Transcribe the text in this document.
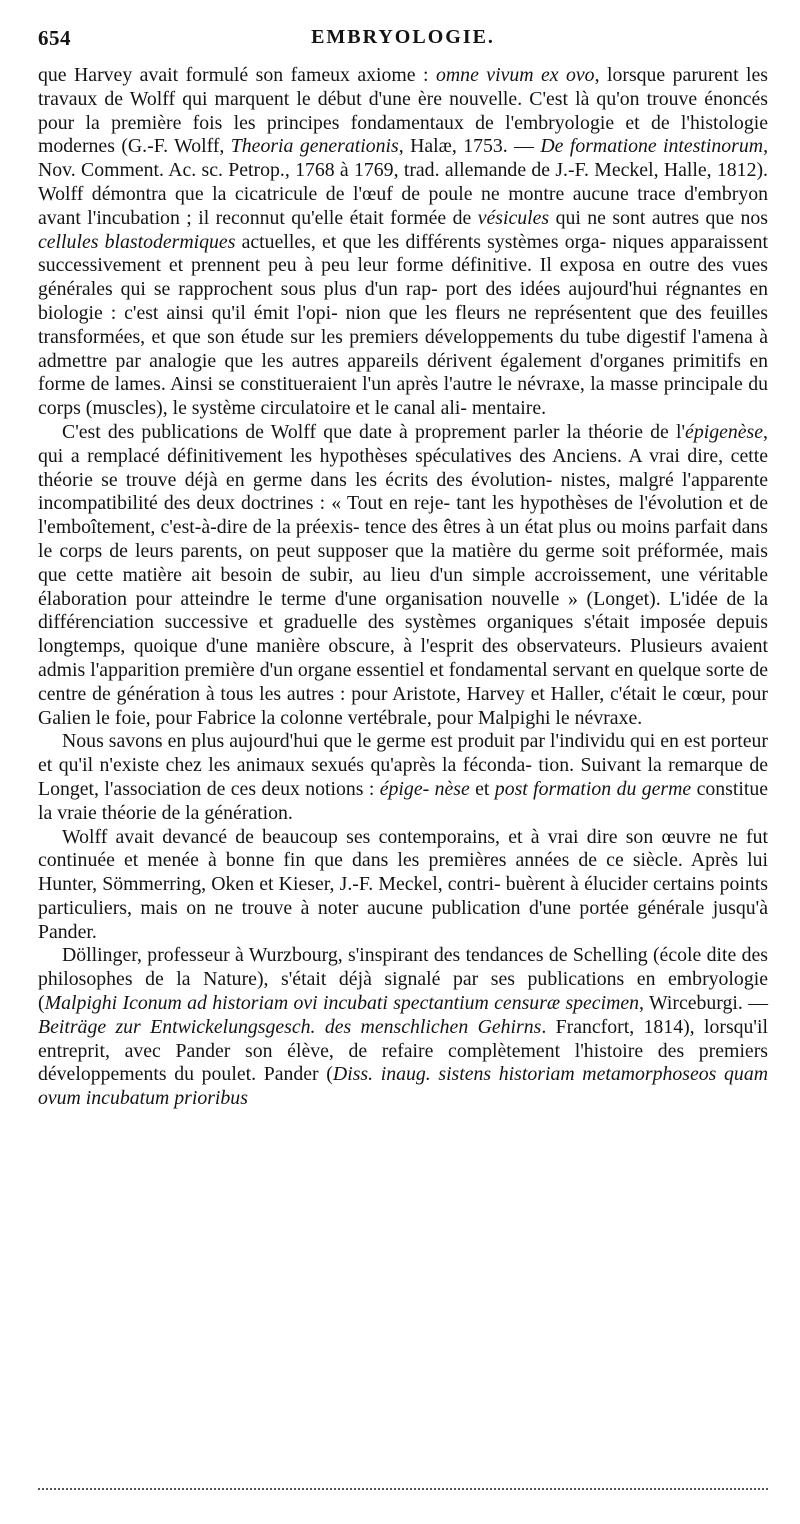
654	EMBRYOLOGIE.

que Harvey avait formulé son fameux axiome : omne vivum ex ovo, lorsque parurent les travaux de Wolff qui marquent le début d'une ère nouvelle. C'est là qu'on trouve énoncés pour la première fois les principes fondamentaux de l'embryologie et de l'histologie modernes (G.-F. Wolff, Theoria generationis, Halæ, 1753. — De formatione intestinorum, Nov. Comment. Ac. sc. Petrop., 1768 à 1769, trad. allemande de J.-F. Meckel, Halle, 1812). Wolff démontra que la cicatricule de l'œuf de poule ne montre aucune trace d'embryon avant l'incubation ; il reconnut qu'elle était formée de vésicules qui ne sont autres que nos cellules blastodermiques actuelles, et que les différents systèmes orga- niques apparaissent successivement et prennent peu à peu leur forme définitive. Il exposa en outre des vues générales qui se rapprochent sous plus d'un rap- port des idées aujourd'hui régnantes en biologie : c'est ainsi qu'il émit l'opi- nion que les fleurs ne représentent que des feuilles transformées, et que son étude sur les premiers développements du tube digestif l'amena à admettre par analogie que les autres appareils dérivent également d'organes primitifs en forme de lames. Ainsi se constitueraient l'un après l'autre le névraxe, la masse principale du corps (muscles), le système circulatoire et le canal ali- mentaire.

C'est des publications de Wolff que date à proprement parler la théorie de l'épigenèse, qui a remplacé définitivement les hypothèses spéculatives des Anciens. A vrai dire, cette théorie se trouve déjà en germe dans les écrits des évolution- nistes, malgré l'apparente incompatibilité des deux doctrines : « Tout en reje- tant les hypothèses de l'évolution et de l'emboîtement, c'est-à-dire de la préexis- tence des êtres à un état plus ou moins parfait dans le corps de leurs parents, on peut supposer que la matière du germe soit préformée, mais que cette matière ait besoin de subir, au lieu d'un simple accroissement, une véritable élaboration pour atteindre le terme d'une organisation nouvelle » (Longet). L'idée de la différenciation successive et graduelle des systèmes organiques s'était imposée depuis longtemps, quoique d'une manière obscure, à l'esprit des observateurs. Plusieurs avaient admis l'apparition première d'un organe essentiel et fondamental servant en quelque sorte de centre de génération à tous les autres : pour Aristote, Harvey et Haller, c'était le cœur, pour Galien le foie, pour Fabrice la colonne vertébrale, pour Malpighi le névraxe.

Nous savons en plus aujourd'hui que le germe est produit par l'individu qui en est porteur et qu'il n'existe chez les animaux sexués qu'après la féconda- tion. Suivant la remarque de Longet, l'association de ces deux notions : épige- nèse et post formation du germe constitue la vraie théorie de la génération.

Wolff avait devancé de beaucoup ses contemporains, et à vrai dire son œuvre ne fut continuée et menée à bonne fin que dans les premières années de ce siècle. Après lui Hunter, Sömmerring, Oken et Kieser, J.-F. Meckel, contri- buèrent à élucider certains points particuliers, mais on ne trouve à noter aucune publication d'une portée générale jusqu'à Pander.

Döllinger, professeur à Wurzbourg, s'inspirant des tendances de Schelling (école dite des philosophes de la Nature), s'était déjà signalé par ses publications en embryologie (Malpighi Iconum ad historiam ovi incubati spectantium censuræ specimen, Wirceburgi. — Beiträge zur Entwickelungsgesch. des menschlichen Gehirns. Francfort, 1814), lorsqu'il entreprit, avec Pander son élève, de refaire complètement l'histoire des premiers développements du poulet. Pander (Diss. inaug. sistens historiam metamorphoseos quam ovum incubatum prioribus
